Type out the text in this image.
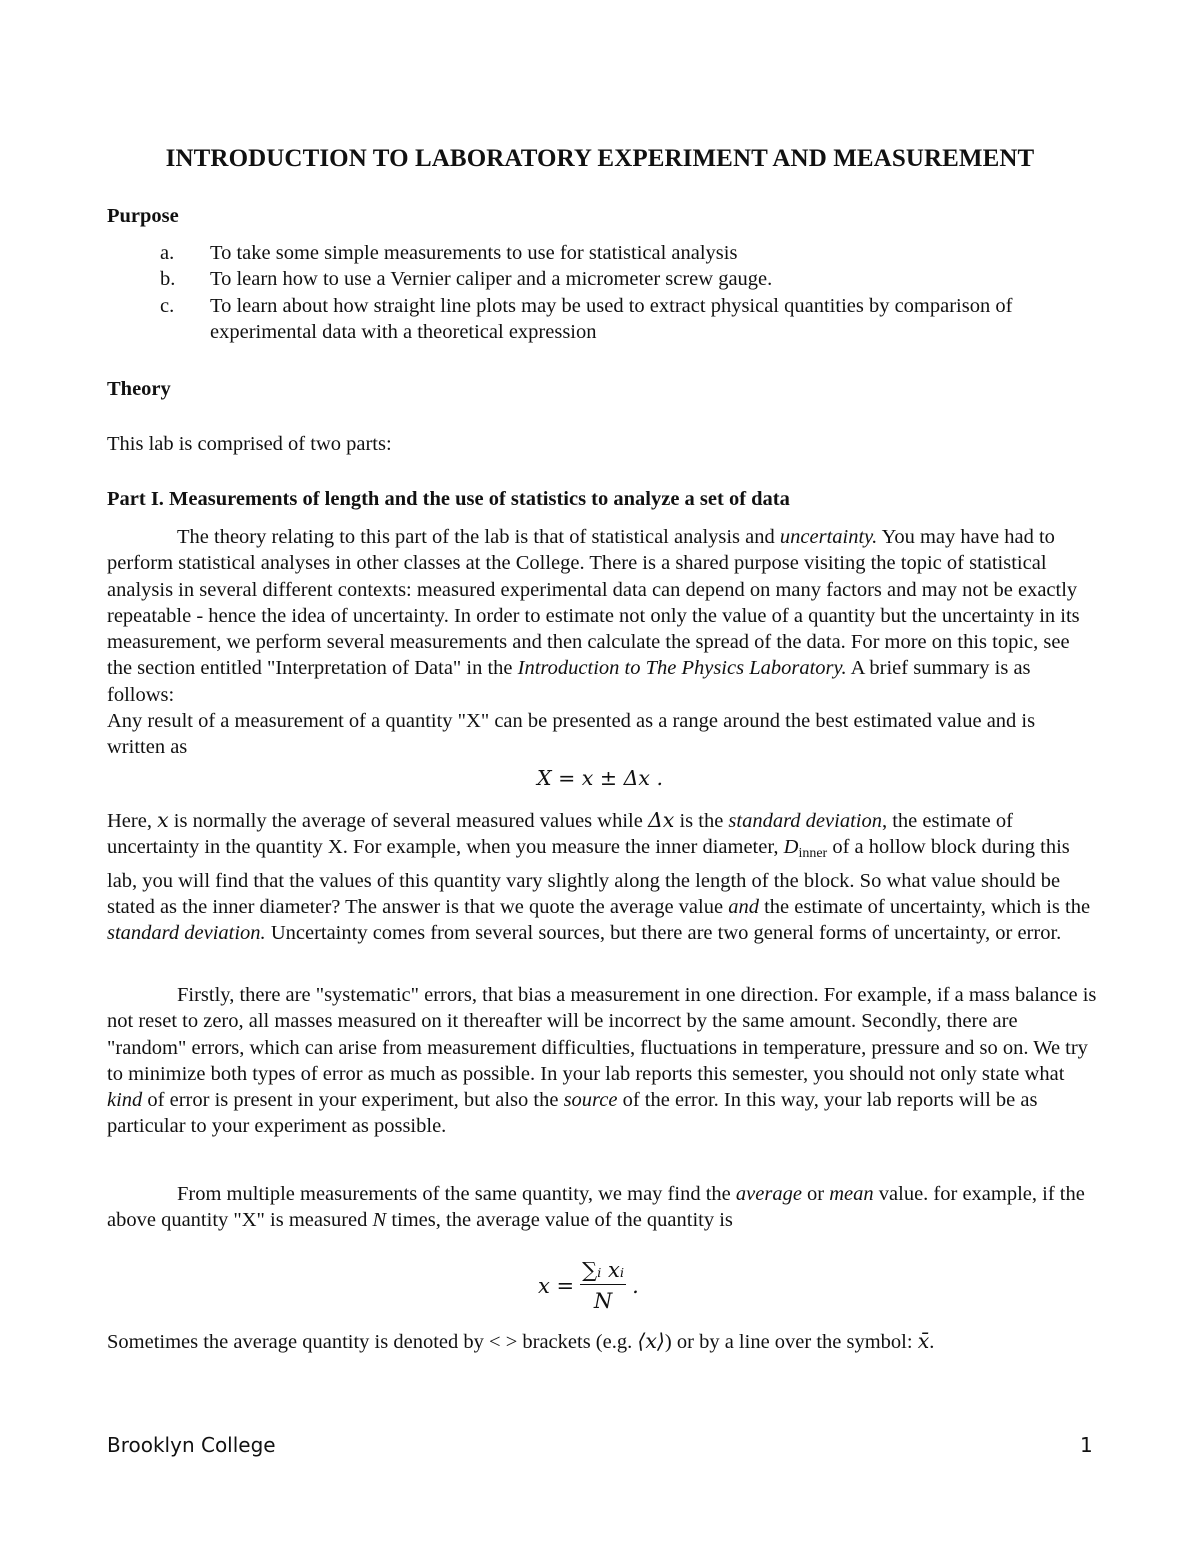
INTRODUCTION TO LABORATORY EXPERIMENT AND MEASUREMENT
Purpose
a.	To take some simple measurements to use for statistical analysis
b.	To learn how to use a Vernier caliper and a micrometer screw gauge.
c.	To learn about how straight line plots may be used to extract physical quantities by comparison of experimental data with a theoretical expression
Theory
This lab is comprised of two parts:
Part I. Measurements of length and the use of statistics to analyze a set of data

The theory relating to this part of the lab is that of statistical analysis and uncertainty. You may have had to perform statistical analyses in other classes at the College. There is a shared purpose visiting the topic of statistical analysis in several different contexts: measured experimental data can depend on many factors and may not be exactly repeatable - hence the idea of uncertainty. In order to estimate not only the value of a quantity but the uncertainty in its measurement, we perform several measurements and then calculate the spread of the data. For more on this topic, see the section entitled "Interpretation of Data" in the Introduction to The Physics Laboratory. A brief summary is as follows:

Any result of a measurement of a quantity "X" can be presented as a range around the best estimated value and is written as

X = x ± Δx .

Here, x is normally the average of several measured values while Δx is the standard deviation, the estimate of uncertainty in the quantity X. For example, when you measure the inner diameter, $D_{inner}$ of a hollow block during this lab, you will find that the values of this quantity vary slightly along the length of the block. So what value should be stated as the inner diameter? The answer is that we quote the average value and the estimate of uncertainty, which is the standard deviation. Uncertainty comes from several sources, but there are two general forms of uncertainty, or error.

Firstly, there are "systematic" errors, that bias a measurement in one direction. For example, if a mass balance is not reset to zero, all masses measured on it thereafter will be incorrect by the same amount. Secondly, there are "random" errors, which can arise from measurement difficulties, fluctuations in temperature, pressure and so on. We try to minimize both types of error as much as possible. In your lab reports this semester, you should not only state what kind of error is present in your experiment, but also the source of the error. In this way, your lab reports will be as particular to your experiment as possible.

From multiple measurements of the same quantity, we may find the average or mean value. for example, if the above quantity "X" is measured N times, the average value of the quantity is

$x = \frac{\text{∑ᵢ xᵢ}}{N}$ .

Sometimes the average quantity is denoted by < > brackets (e.g. ⟨x⟩) or by a line over the symbol: x̄.

Brooklyn College	1
